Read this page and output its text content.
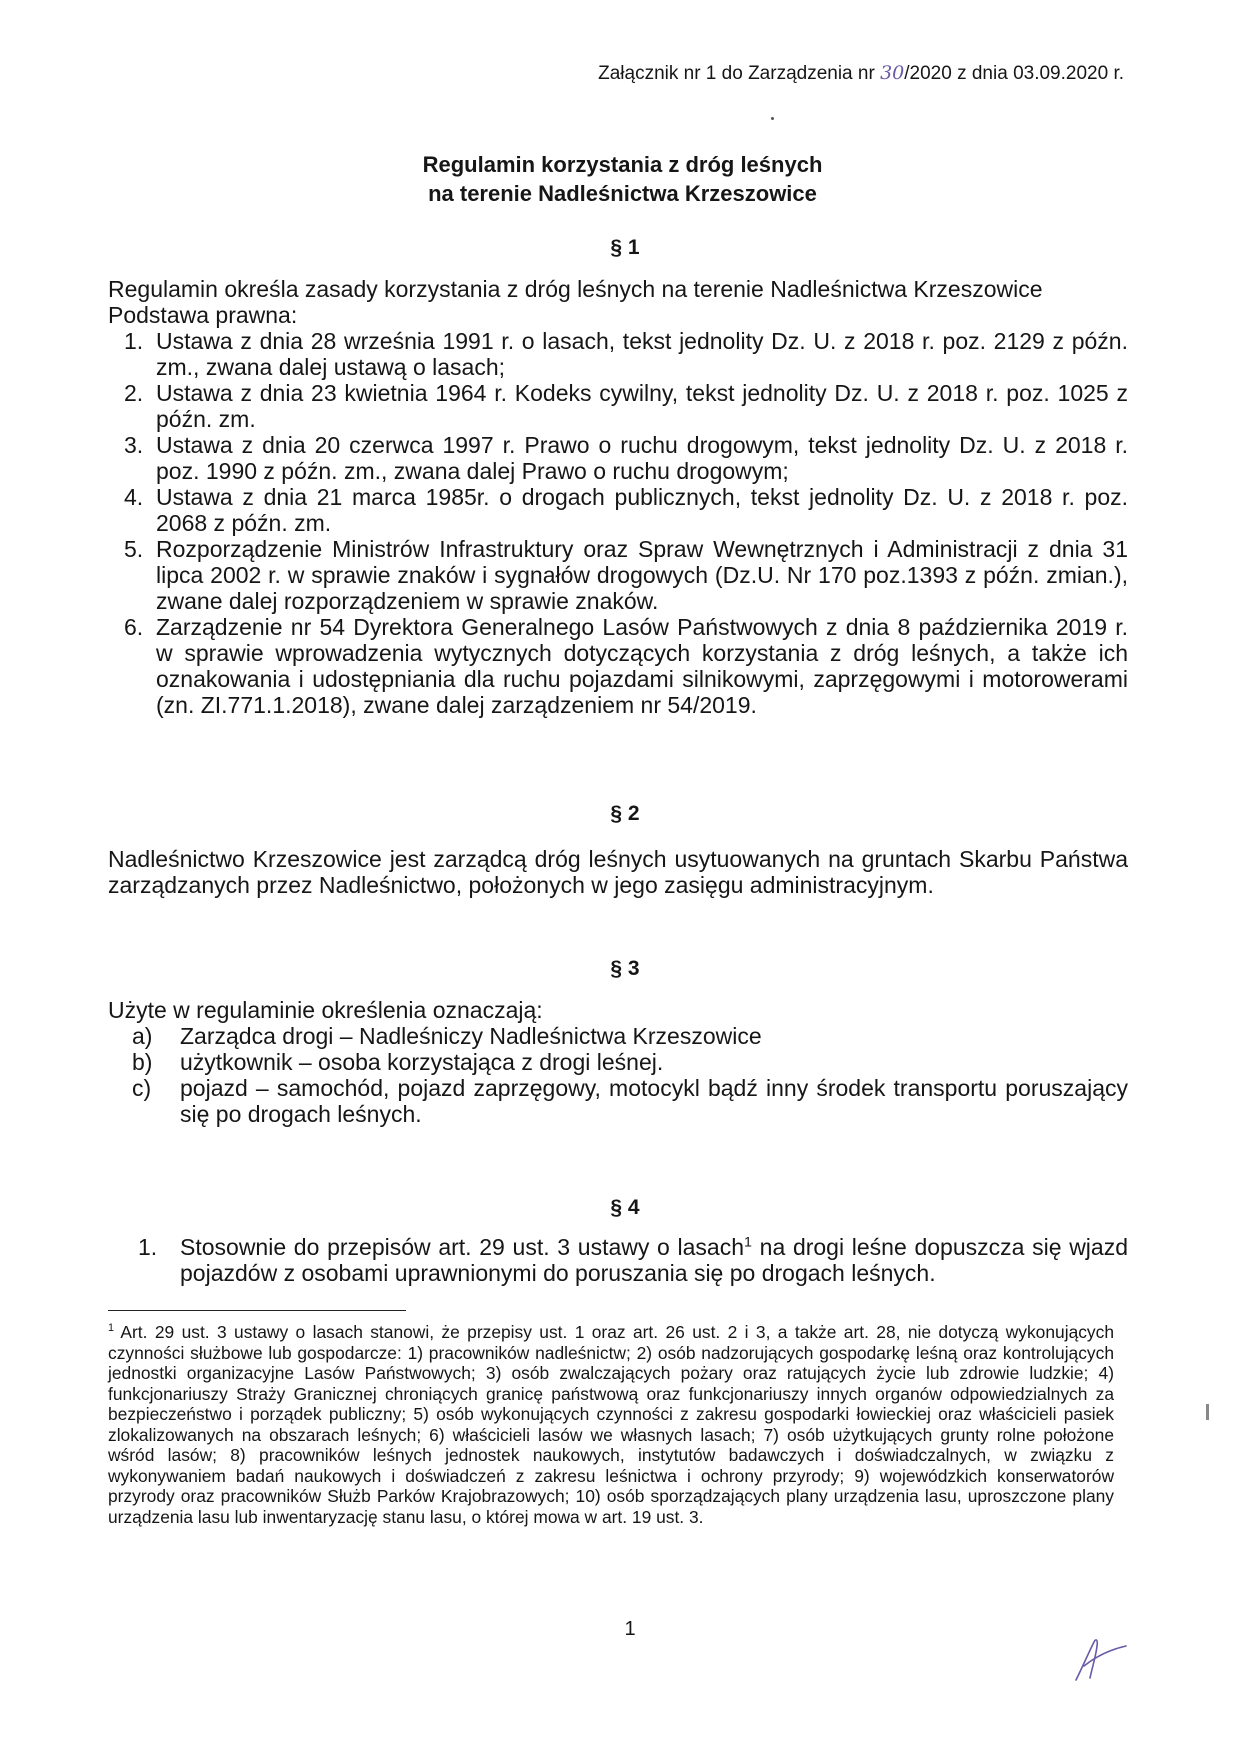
Załącznik nr 1 do Zarządzenia nr 30/2020 z dnia 03.09.2020 r.
Regulamin korzystania z dróg leśnych
na terenie Nadleśnictwa Krzeszowice
§ 1
Regulamin określa zasady korzystania z dróg leśnych na terenie Nadleśnictwa Krzeszowice
Podstawa prawna:
1. Ustawa z dnia 28 września 1991 r. o lasach, tekst jednolity Dz. U. z 2018 r. poz. 2129 z późn. zm., zwana dalej ustawą o lasach;
2. Ustawa z dnia 23 kwietnia 1964 r. Kodeks cywilny, tekst jednolity Dz. U. z 2018 r. poz. 1025 z późn. zm.
3. Ustawa z dnia 20 czerwca 1997 r. Prawo o ruchu drogowym, tekst jednolity Dz. U. z 2018 r. poz. 1990 z późn. zm., zwana dalej Prawo o ruchu drogowym;
4. Ustawa z dnia 21 marca 1985r. o drogach publicznych, tekst jednolity Dz. U. z 2018 r. poz. 2068 z późn. zm.
5. Rozporządzenie Ministrów Infrastruktury oraz Spraw Wewnętrznych i Administracji z dnia 31 lipca 2002 r. w sprawie znaków i sygnałów drogowych (Dz.U. Nr 170 poz.1393 z późn. zmian.), zwane dalej rozporządzeniem w sprawie znaków.
6. Zarządzenie nr 54 Dyrektora Generalnego Lasów Państwowych z dnia 8 października 2019 r. w sprawie wprowadzenia wytycznych dotyczących korzystania z dróg leśnych, a także ich oznakowania i udostępniania dla ruchu pojazdami silnikowymi, zaprzęgowymi i motorowerami (zn. ZI.771.1.2018), zwane dalej zarządzeniem nr 54/2019.
§ 2
Nadleśnictwo Krzeszowice jest zarządcą dróg leśnych usytuowanych na gruntach Skarbu Państwa zarządzanych przez Nadleśnictwo, położonych w jego zasięgu administracyjnym.
§ 3
Użyte w regulaminie określenia oznaczają:
a) Zarządca drogi – Nadleśniczy Nadleśnictwa Krzeszowice
b) użytkownik – osoba korzystająca z drogi leśnej.
c) pojazd – samochód, pojazd zaprzęgowy, motocykl bądź inny środek transportu poruszający się po drogach leśnych.
§ 4
1. Stosownie do przepisów art. 29 ust. 3 ustawy o lasach$^1$ na drogi leśne dopuszcza się wjazd pojazdów z osobami uprawnionymi do poruszania się po drogach leśnych.
$^1$ Art. 29 ust. 3 ustawy o lasach stanowi, że przepisy ust. 1 oraz art. 26 ust. 2 i 3, a także art. 28, nie dotyczą wykonujących czynności służbowe lub gospodarcze: 1) pracowników nadleśnictw; 2) osób nadzorujących gospodarkę leśną oraz kontrolujących jednostki organizacyjne Lasów Państwowych; 3) osób zwalczających pożary oraz ratujących życie lub zdrowie ludzkie; 4) funkcjonariuszy Straży Granicznej chroniących granicę państwową oraz funkcjonariuszy innych organów odpowiedzialnych za bezpieczeństwo i porządek publiczny; 5) osób wykonujących czynności z zakresu gospodarki łowieckiej oraz właścicieli pasiek zlokalizowanych na obszarach leśnych; 6) właścicieli lasów we własnych lasach; 7) osób użytkujących grunty rolne położone wśród lasów; 8) pracowników leśnych jednostek naukowych, instytutów badawczych i doświadczalnych, w związku z wykonywaniem badań naukowych i doświadczeń z zakresu leśnictwa i ochrony przyrody; 9) wojewódzkich konserwatorów przyrody oraz pracowników Służb Parków Krajobrazowych; 10) osób sporządzających plany urządzenia lasu, uproszczone plany urządzenia lasu lub inwentaryzację stanu lasu, o której mowa w art. 19 ust. 3.
1
